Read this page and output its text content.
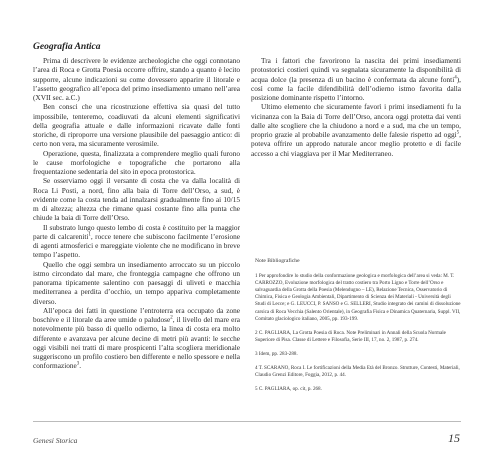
Geografia Antica

Prima di descrivere le evidenze archeologiche che oggi connotano l’area di Roca e Grotta Poesia occorre offrire, stando a quanto è lecito supporre, alcune indicazioni su come dovessero apparire il litorale e l’assetto geografico all’epoca del primo insediamento umano nell’area (XVII sec. a.C.)

Ben consci che una ricostruzione effettiva sia quasi del tutto impossibile, tenteremo, coadiuvati da alcuni elementi significativi della geografia attuale e dalle informazioni ricavate dalle fonti storiche, di riproporre una versione plausibile del paesaggio antico: di certo non vera, ma sicuramente verosimile.

Operazione, questa, finalizzata a comprendere meglio quali furono le cause morfologiche e topografiche che portarono alla frequentazione sedentaria del sito in epoca protostorica.

Se osserviamo oggi il versante di costa che va dalla località di Roca Li Posti, a nord, fino alla baia di Torre dell’Orso, a sud, è evidente come la costa tenda ad innalzarsi gradualmente fino ai 10/15 m di altezza; altezza che rimane quasi costante fino alla punta che chiude la baia di Torre dell’Orso.

Il substrato lungo questo lembo di costa è costituito per la maggior parte di calcareniti$^1$, rocce tenere che subiscono facilmente l’erosione di agenti atmosferici e mareggiate violente che ne modificano in breve tempo l’aspetto.

Quello che oggi sembra un insediamento arroccato su un piccolo istmo circondato dal mare, che fronteggia campagne che offrono un panorama tipicamente salentino con paesaggi di uliveti e macchia mediterranea a perdita d’occhio, un tempo appariva completamente diverso.

All’epoca dei fatti in questione l’entroterra era occupato da zone boschive e il litorale da aree umide o paludose$^2$, il livello del mare era notevolmente più basso di quello odierno, la linea di costa era molto differente e avanzava per alcune decine di metri più avanti: le secche oggi visibili nei tratti di mare prospicenti l’alta scogliera meridionale suggeriscono un profilo costiero ben differente e nello spessore e nella conformazione$^3$.

Tra i fattori che favorirono la nascita dei primi insediamenti protostorici costieri quindi va segnalata sicuramente la disponibilità di acqua dolce (la presenza di un bacino è confermata da alcune fonti$^4$), così come la facile difendibilità dell’odierno istmo favorita dalla posizione dominante rispetto l’intorno.

Ultimo elemento che sicuramente favorì i primi insediamenti fu la vicinanza con la Baia di Torre dell’Orso, ancora oggi protetta dai venti dalle alte scogliere che la chiudono a nord e a sud, ma che un tempo, proprio grazie al probabile avanzamento delle falesie rispetto ad oggi$^5$, poteva offrire un approdo naturale ancor meglio protetto e di facile accesso a chi viaggiava per il Mar Mediterraneo.

Note Bibliografiche
1 Per approfondire lo studio della conformazione geologica e morfologica dell’area si veda: M. T. CARROZZO, Evoluzione morfologica del tratto costiero tra Porto Ligno e Torre dell’Orso e salvaguardia della Grotta della Poesia (Melendugno – LE), Relazione Tecnica, Osservatorio di Chimica, Fisica e Geologia Ambientali, Dipartimento di Scienza dei Materiali - Università degli Studi di Lecce; e G. LEUCCI, P. SANSO e G. SELLERI, Studio integrato dei camini di dissoluzione carsica di Roca Vecchia (Salento Orientale), in Geografia Fisica e Dinamica Quaternaria, Suppl. VII, Comitato glaciologico italiano, 2005, pp. 193-199.
2 C. PAGLIARA, La Grotta Poesia di Roca. Note Preliminari in Annali della Scuola Normale Superiore di Pisa. Classe di Lettere e Filosofia, Serie III, 17, no. 2, 1987, p. 274.
3 Idem, pp. 283-288.
4 T. SCARANO, Roca I. Le fortificazioni della Media Età del Bronzo. Strutture, Contesti, Materiali, Claudio Grenzi Editore, Foggia, 2012, p. 44.
5 C. PAGLIARA, op. cit, p. 268.
Genesi Storica	15
